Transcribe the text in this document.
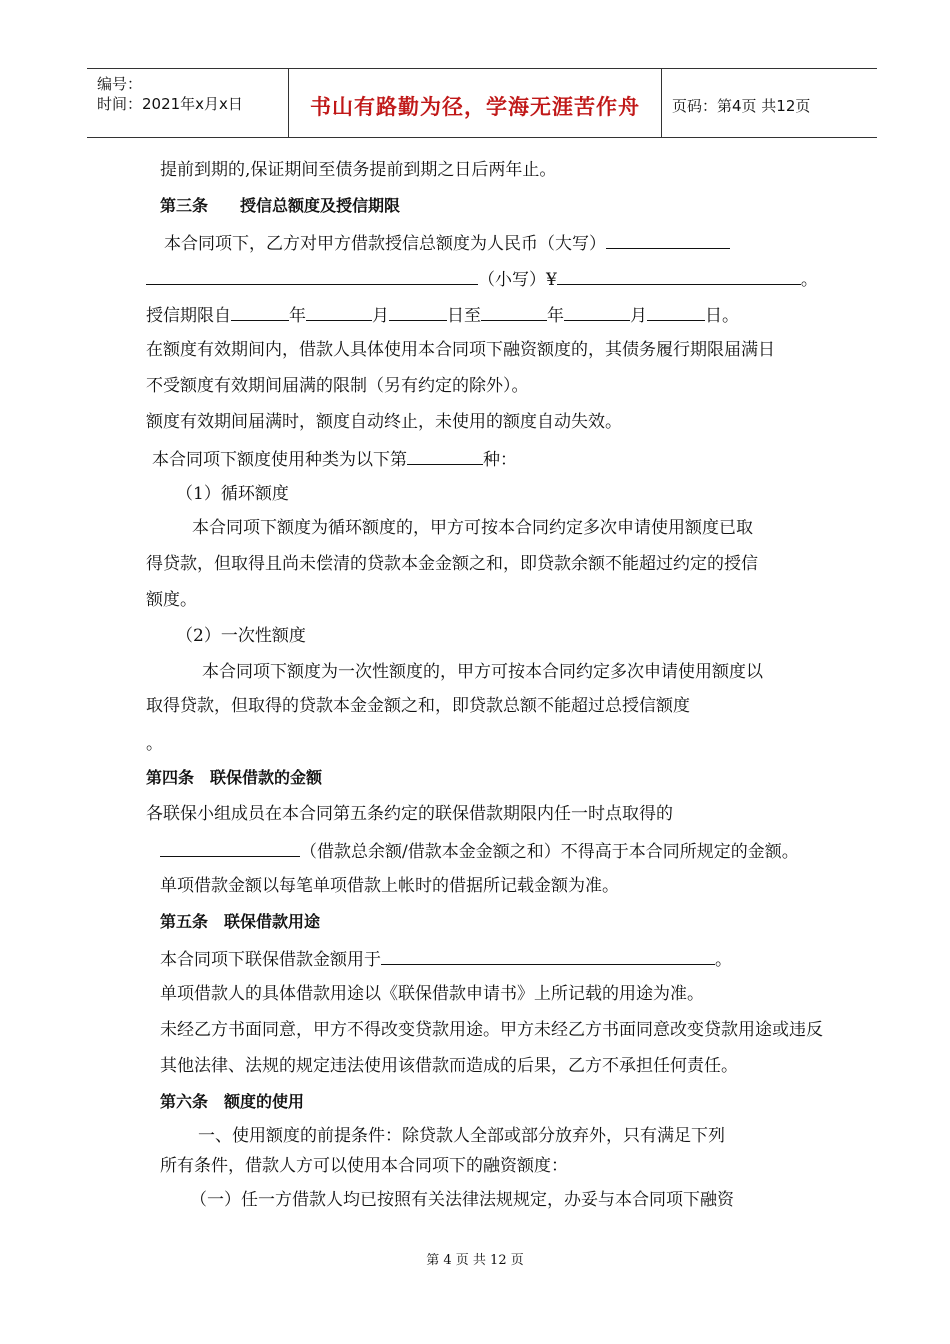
编号：
时间：2021年x月x日	书山有路勤为径，学海无涯苦作舟	页码：第4页 共12页
提前到期的,保证期间至债务提前到期之日后两年止。
第三条　　授信总额度及授信期限
本合同项下，乙方对甲方借款授信总额度为人民币（大写）
（小写）¥	。
授信期限自	年	月	日至	年	月	日。
在额度有效期间内，借款人具体使用本合同项下融资额度的，其债务履行期限届满日
不受额度有效期间届满的限制（另有约定的除外）。
额度有效期间届满时，额度自动终止，未使用的额度自动失效。
本合同项下额度使用种类为以下第	种：
（1）循环额度
本合同项下额度为循环额度的，甲方可按本合同约定多次申请使用额度已取
得贷款，但取得且尚未偿清的贷款本金金额之和，即贷款余额不能超过约定的授信
额度。
（2）一次性额度
本合同项下额度为一次性额度的，甲方可按本合同约定多次申请使用额度以
取得贷款，但取得的贷款本金金额之和，即贷款总额不能超过总授信额度
。
第四条　联保借款的金额
各联保小组成员在本合同第五条约定的联保借款期限内任一时点取得的
（借款总余额/借款本金金额之和）不得高于本合同所规定的金额。
单项借款金额以每笔单项借款上帐时的借据所记载金额为准。
第五条　联保借款用途
本合同项下联保借款金额用于	。
单项借款人的具体借款用途以《联保借款申请书》上所记载的用途为准。
未经乙方书面同意，甲方不得改变贷款用途。甲方未经乙方书面同意改变贷款用途或违反
其他法律、法规的规定违法使用该借款而造成的后果，乙方不承担任何责任。
第六条　额度的使用
一、使用额度的前提条件：除贷款人全部或部分放弃外，只有满足下列
所有条件，借款人方可以使用本合同项下的融资额度：
（一）任一方借款人均已按照有关法律法规规定，办妥与本合同项下融资
第 4 页 共 12 页
